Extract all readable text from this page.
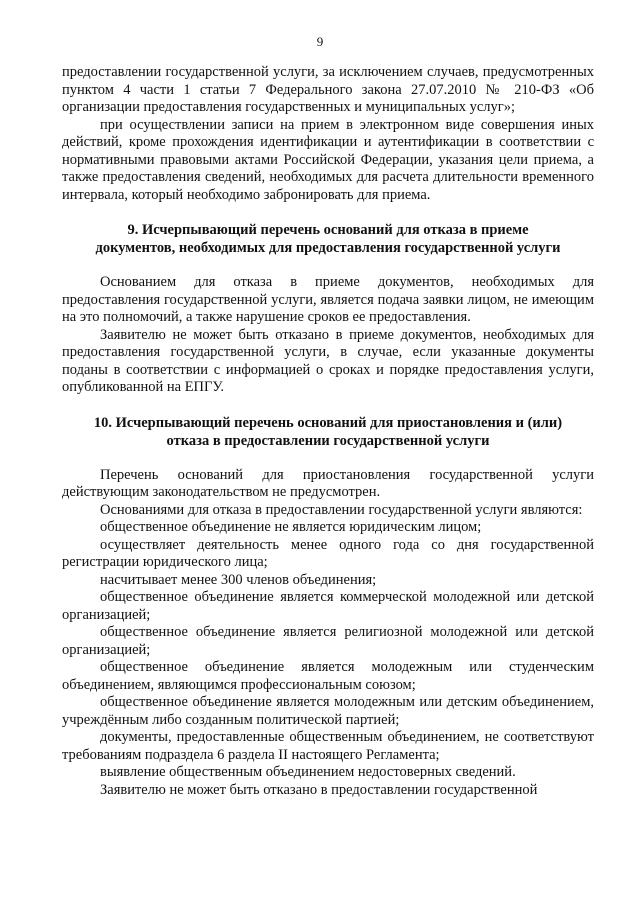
9

предоставлении государственной услуги, за исключением случаев, предусмотренных пунктом 4 части 1 статьи 7 Федерального закона 27.07.2010 № 210-ФЗ «Об организации предоставления государственных и муниципальных услуг»;

при осуществлении записи на прием в электронном виде совершения иных действий, кроме прохождения идентификации и аутентификации в соответствии с нормативными правовыми актами Российской Федерации, указания цели приема, а также предоставления сведений, необходимых для расчета длительности временного интервала, который необходимо забронировать для приема.

9. Исчерпывающий перечень оснований для отказа в приеме
документов, необходимых для предоставления государственной услуги

Основанием для отказа в приеме документов, необходимых для предоставления государственной услуги, является подача заявки лицом, не имеющим на это полномочий, а также нарушение сроков ее предоставления.

Заявителю не может быть отказано в приеме документов, необходимых для предоставления государственной услуги, в случае, если указанные документы поданы в соответствии с информацией о сроках и порядке предоставления услуги, опубликованной на ЕПГУ.

10. Исчерпывающий перечень оснований для приостановления и (или)
отказа в предоставлении государственной услуги

Перечень оснований для приостановления государственной услуги действующим законодательством не предусмотрен.

Основаниями для отказа в предоставлении государственной услуги являются:

общественное объединение не является юридическим лицом;

осуществляет деятельность менее одного года со дня государственной регистрации юридического лица;

насчитывает менее 300 членов объединения;

общественное объединение является коммерческой молодежной или детской организацией;

общественное объединение является религиозной молодежной или детской организацией;

общественное объединение является молодежным или студенческим объединением, являющимся профессиональным союзом;

общественное объединение является молодежным или детским объединением, учреждённым либо созданным политической партией;

документы, предоставленные общественным объединением, не соответствуют требованиям подраздела 6 раздела II настоящего Регламента;

выявление общественным объединением недостоверных сведений.

Заявителю не может быть отказано в предоставлении государственной
